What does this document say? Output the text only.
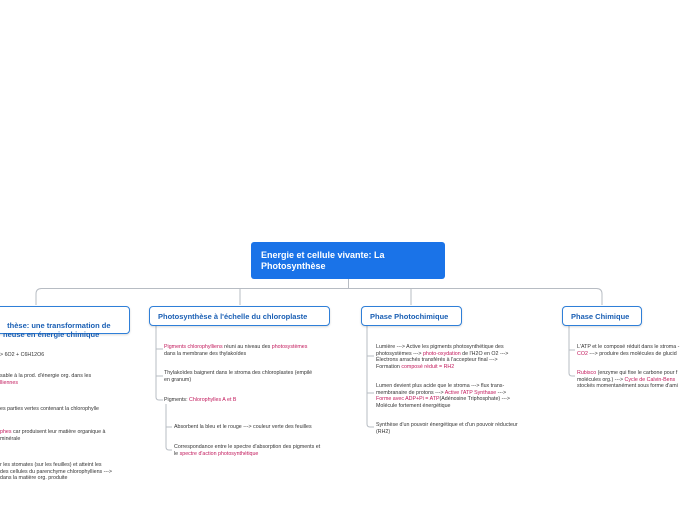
Energie et cellule vivante: La Photosynthèse

thèse: une transformation de
neuse en énergie chimique

Photosynthèse à l'échelle du chloroplaste	Phase Photochimique	Phase Chimique
> 6O2 + C6H12O6
sable à la prod. d'énergie org. dans les
lliennes
es parties vertes contenant la chlorophylle
phes car produisent leur matière organique à
minérale
r les stomates (sur les feuilles) et atteint les
des cellules du parenchyme chlorophylliens --->
dans la matière org. produite
Pigments chlorophylliens réuni au niveau des photosystèmes
dans la membrane des thylakoïdes
Thylakoïdes baignent dans le stroma des chloroplastes (empilé
en granum)
Pigments: Chlorophylles A et B
Absorbent la bleu et le rouge ---> couleur verte des feuilles
Correspondance entre le spectre d'absorption des pigments et
le spectre d'action photosynthétique
Lumière ---> Active les pigments photosynthétique des
photosystèmes ---> photo-oxydation de l'H2O en O2 --->
Électrons arrachés transférés à l'accepteur final --->
Formation composé réduit = RH2
Lumen devient plus acide que le stroma ---> flux trans-
membranaire de protons ---> Active l'ATP Synthase --->
Forme avec ADP+Pi = ATP(Adénosine Triphosphate) --->
Molécule fortement énergétique
Synthèse d'un pouvoir énergétique et d'un pouvoir réducteur
(RH2)
L'ATP et le composé réduit dans le stroma -
CO2 ---> produire des molécules de glucid
Rubisco (enzyme qui fixe le carbone pour f
molécules org.) ---> Cycle de Calvin-Bens
stockés momentanément sous forme d'ami
